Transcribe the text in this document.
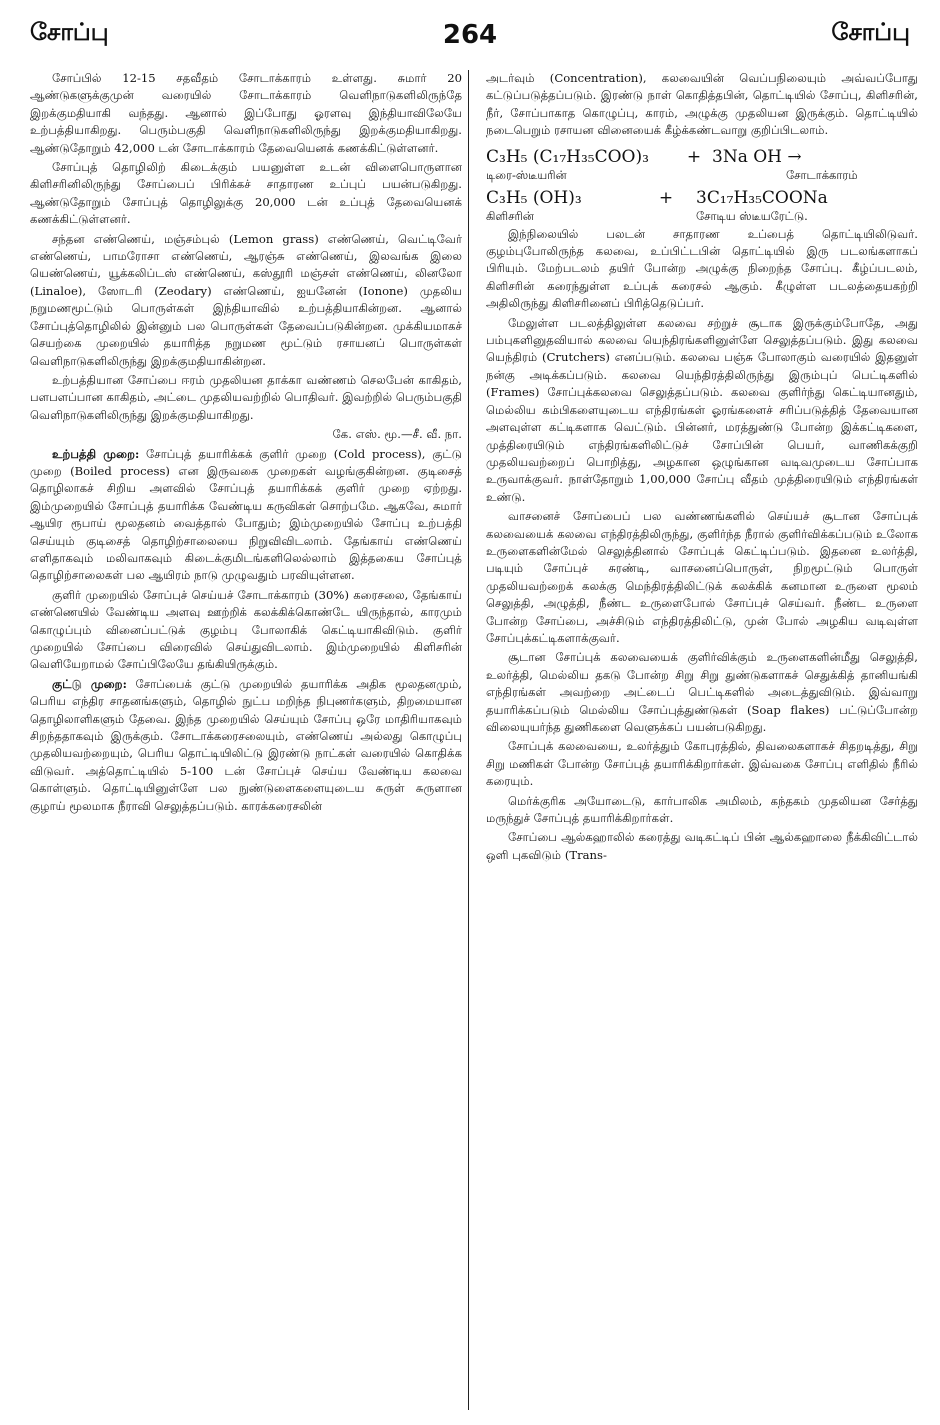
சோப்பு	264	சோப்பு

சோப்பில் 12-15 சதவீதம் சோடாக்காரம் உள்ளது. சுமார் 20 ஆண்டுகளுக்குமுன் வரையில் சோடாக்காரம் வெளிநாடுகளிலிருந்தே இறக்குமதியாகி வந்தது. ஆனால் இப்போது ஓரளவு இந்தியாவிலேயே உற்பத்தியாகிறது. பெரும்பகுதி வெளிநாடுகளிலிருந்து இறக்குமதியாகிறது. ஆண்டுதோறும் 42,000 டன் சோடாக்காரம் தேவையெனக் கணக்கிட்டுள்ளனர்.

சோப்புத் தொழிலிற் கிடைக்கும் பயனுள்ள உடன் விளைபொருளான கிளிசரினிலிருந்து சோப்பைப் பிரிக்கச் சாதாரண உப்புப் பயன்படுகிறது. ஆண்டுதோறும் சோப்புத் தொழிலுக்கு 20,000 டன் உப்புத் தேவையெனக் கணக்கிட்டுள்ளனர்.

சந்தன எண்ணெய், மஞ்சம்புல் (Lemon grass) எண்ணெய், வெட்டிவேர் எண்ணெய், பாமரோசா எண்ணெய், ஆரஞ்சு எண்ணெய், இலவங்க இலை யெண்ணெய், யூக்கலிப்டஸ் எண்ணெய், கஸ்தூரி மஞ்சள் எண்ணெய், லினலோ (Linaloe), ஸோடரி (Zeodary) எண்ணெய், ஐயனேன் (Ionone) முதலிய நறுமணமூட்டும் பொருள்கள் இந்தியாவில் உற்பத்தியாகின்றன. ஆனால் சோப்புத்தொழிலில் இன்னும் பல பொருள்கள் தேவைப்படுகின்றன. முக்கியமாகச் செயற்கை முறையில் தயாரித்த நறுமண மூட்டும் ரசாயனப் பொருள்கள் வெளிநாடுகளிலிருந்து இறக்குமதியாகின்றன.

உற்பத்தியான சோப்பை ஈரம் முதலியன தாக்கா வண்ணம் செலபேன் காகிதம், பளபளப்பான காகிதம், அட்டை முதலியவற்றில் பொதிவர். இவற்றில் பெரும்பகுதி வெளிநாடுகளிலிருந்து இறக்குமதியாகிறது.

கே. எஸ். மூ.—சீ. வீ. நா.

உற்பத்தி முறை: சோப்புத் தயாரிக்கக் குளிர் முறை (Cold process), குட்டு முறை (Boiled process) என இருவகை முறைகள் வழங்குகின்றன. குடிசைத் தொழிலாகச் சிறிய அளவில் சோப்புத் தயாரிக்கக் குளிர் முறை ஏற்றது. இம்முறையில் சோப்புத் தயாரிக்க வேண்டிய கருவிகள் சொற்பமே. ஆகவே, சுமார் ஆயிர ரூபாய் மூலதனம் வைத்தால் போதும்; இம்முறையில் சோப்பு உற்பத்தி செய்யும் குடிசைத் தொழிற்சாலையை நிறுவிவிடலாம். தேங்காய் எண்ணெய் எளிதாகவும் மலிவாகவும் கிடைக்குமிடங்களிலெல்லாம் இத்தகைய சோப்புத் தொழிற்சாலைகள் பல ஆயிரம் நாடு முழுவதும் பரவியுள்ளன.

குளிர் முறையில் சோப்புச் செய்யச் சோடாக்காரம் (30%) கரைசலை, தேங்காய் எண்ணெயில் வேண்டிய அளவு ஊற்றிக் கலக்கிக்கொண்டே யிருந்தால், காரமும் கொழுப்பும் வினைப்பட்டுக் குழம்பு போலாகிக் கெட்டியாகிவிடும். குளிர் முறையில் சோப்பை விரைவில் செய்துவிடலாம். இம்முறையில் கிளிசரின் வெளியேறாமல் சோப்பிலேயே தங்கியிருக்கும்.

குட்டு முறை: சோப்பைக் குட்டு முறையில் தயாரிக்க அதிக மூலதனமும், பெரிய எந்திர சாதனங்களும், தொழில் நுட்ப மறிந்த நிபுணர்களும், திறமையான தொழிலாளிகளும் தேவை. இந்த முறையில் செய்யும் சோப்பு ஒரே மாதிரியாகவும் சிறந்ததாகவும் இருக்கும். சோடாக்கரைசலையும், எண்ணெய் அல்லது கொழுப்பு முதலியவற்றையும், பெரிய தொட்டியிலிட்டு இரண்டு நாட்கள் வரையில் கொதிக்க விடுவர். அத்தொட்டியில் 5-100 டன் சோப்புச் செய்ய வேண்டிய கலவை கொள்ளும். தொட்டியினுள்ளே பல நுண்டுளைகளையுடைய சுருள் சுருளான குழாய் மூலமாக நீராவி செலுத்தப்படும். காரக்கரைசலின்

அடர்வும் (Concentration), கலவையின் வெப்பநிலையும் அவ்வப்போது கட்டுப்படுத்தப்படும். இரண்டு நாள் கொதித்தபின், தொட்டியில் சோப்பு, கிளிசரின், நீர், சோப்பாகாத கொழுப்பு, காரம், அழுக்கு முதலியன இருக்கும். தொட்டியில் நடைபெறும் ரசாயன வினையைக் கீழ்க்கண்டவாறு குறிப்பிடலாம்.

C₃H₅ (C₁₇H₃₅COO)₃ + 3Na OH →
டிரை-ஸ்டீயரின்	சோடாக்காரம்
C₃H₅ (OH)₃	+ 3C₁₇H₃₅COONa
கிளிசரின்	சோடிய ஸ்டீயரேட்டு.

இந்நிலையில் பலடன் சாதாரண உப்பைத் தொட்டியிலிடுவர். குழம்புபோலிருந்த கலவை, உப்பிட்டபின் தொட்டியில் இரு படலங்களாகப் பிரியும். மேற்படலம் தயிர் போன்ற அழுக்கு நிறைந்த சோப்பு. கீழ்ப்படலம், கிளிசரின் கரைந்துள்ள உப்புக் கரைசல் ஆகும். கீழுள்ள படலத்தையகற்றி அதிலிருந்து கிளிசரினைப் பிரித்தெடுப்பர்.

மேலுள்ள படலத்திலுள்ள கலவை சற்றுச் சூடாக இருக்கும்போதே, அது பம்புகளினுதவியால் கலவை யெந்திரங்களினுள்ளே செலுத்தப்படும். இது கலவை யெந்திரம் (Crutchers) எனப்படும். கலவை பஞ்சு போலாகும் வரையில் இதனுள் நன்கு அடிக்கப்படும். கலவை யெந்திரத்திலிருந்து இரும்புப் பெட்டிகளில் (Frames) சோப்புக்கலவை செலுத்தப்படும். கலவை குளிர்ந்து கெட்டியானதும், மெல்லிய கம்பிகளையுடைய எந்திரங்கள் ஓரங்களைச் சரிப்படுத்தித் தேவையான அளவுள்ள கட்டிகளாக வெட்டும். பின்னர், மரத்துண்டு போன்ற இக்கட்டிகளை, முத்திரையிடும் எந்திரங்களிலிட்டுச் சோப்பின் பெயர், வாணிகக்குறி முதலியவற்றைப் பொறித்து, அழகான ஒழுங்கான வடிவமுடைய சோப்பாக உருவாக்குவர். நாள்தோறும் 1,00,000 சோப்பு வீதம் முத்திரையிடும் எந்திரங்கள் உண்டு.

வாசனைச் சோப்பைப் பல வண்ணங்களில் செய்யச் சூடான சோப்புக் கலவையைக் கலவை எந்திரத்திலிருந்து, குளிர்ந்த நீரால் குளிர்விக்கப்படும் உலோக உருளைகளின்மேல் செலுத்தினால் சோப்புக் கெட்டிப்படும். இதனை உலர்த்தி, படியும் சோப்புச் சுரண்டி, வாசனைப்பொருள், நிறமூட்டும் பொருள் முதலியவற்றைக் கலக்கு மெந்திரத்திலிட்டுக் கலக்கிக் கனமான உருளை மூலம் செலுத்தி, அழுத்தி, நீண்ட உருளைபோல் சோப்புச் செய்வர். நீண்ட உருளை போன்ற சோப்பை, அச்சிடும் எந்திரத்திலிட்டு, முன் போல் அழகிய வடிவுள்ள சோப்புக்கட்டிகளாக்குவர்.

சூடான சோப்புக் கலவையைக் குளிர்விக்கும் உருளைகளின்மீது செலுத்தி, உலர்த்தி, மெல்லிய தகடு போன்ற சிறு சிறு துண்டுகளாகச் செதுக்கித் தானியங்கி எந்திரங்கள் அவற்றை அட்டைப் பெட்டிகளில் அடைத்துவிடும். இவ்வாறு தயாரிக்கப்படும் மெல்லிய சோப்புத்துண்டுகள் (Soap flakes) பட்டுப்போன்ற விலையுயர்ந்த துணிகளை வெளுக்கப் பயன்படுகிறது.

சோப்புக் கலவையை, உலர்த்தும் கோபுரத்தில், திவலைகளாகச் சிதறடித்து, சிறு சிறு மணிகள் போன்ற சோப்புத் தயாரிக்கிறார்கள். இவ்வகை சோப்பு எளிதில் நீரில் கரையும்.

மெர்க்குரிக அயோடைடு, கார்பாலிக அமிலம், கந்தகம் முதலியன சேர்த்து மருந்துச் சோப்புத் தயாரிக்கிறார்கள்.

சோப்பை ஆல்கஹாலில் கரைத்து வடிகட்டிப் பின் ஆல்கஹாலை நீக்கிவிட்டால் ஒளி புகவிடும் (Trans-
